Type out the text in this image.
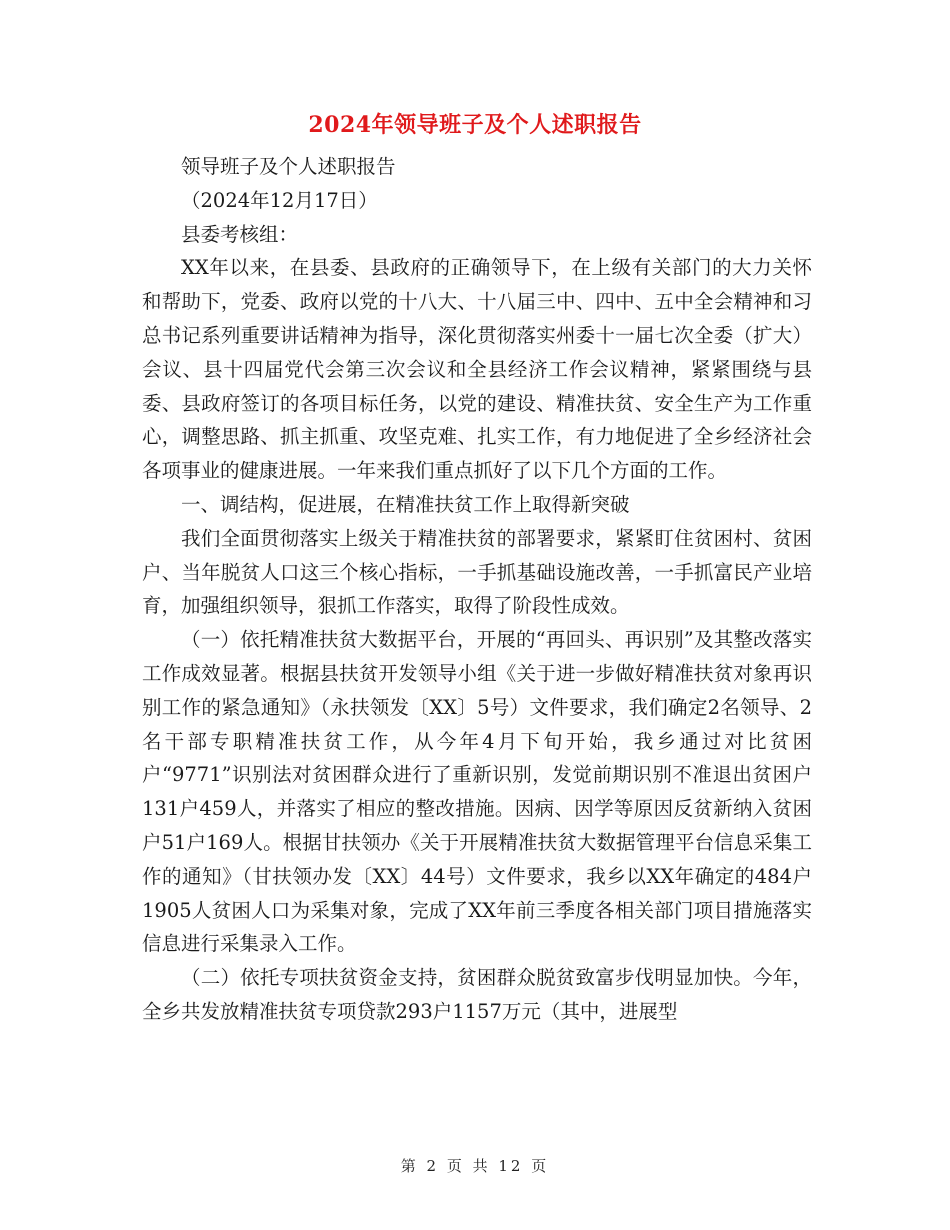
2024年领导班子及个人述职报告

领导班子及个人述职报告

（2024年12月17日）

县委考核组：

XX年以来，在县委、县政府的正确领导下，在上级有关部门的大力关怀和帮助下，党委、政府以党的十八大、十八届三中、四中、五中全会精神和习总书记系列重要讲话精神为指导，深化贯彻落实州委十一届七次全委（扩大）会议、县十四届党代会第三次会议和全县经济工作会议精神，紧紧围绕与县委、县政府签订的各项目标任务，以党的建设、精准扶贫、安全生产为工作重心，调整思路、抓主抓重、攻坚克难、扎实工作，有力地促进了全乡经济社会各项事业的健康进展。一年来我们重点抓好了以下几个方面的工作。

一、调结构，促进展，在精准扶贫工作上取得新突破

我们全面贯彻落实上级关于精准扶贫的部署要求，紧紧盯住贫困村、贫困户、当年脱贫人口这三个核心指标，一手抓基础设施改善，一手抓富民产业培育，加强组织领导，狠抓工作落实，取得了阶段性成效。

（一）依托精准扶贫大数据平台，开展的“再回头、再识别”及其整改落实工作成效显著。根据县扶贫开发领导小组《关于进一步做好精准扶贫对象再识别工作的紧急通知》（永扶领发〔XX〕5号）文件要求，我们确定2名领导、2名干部专职精准扶贫工作，从今年4月下旬开始，我乡通过对比贫困户“9771”识别法对贫困群众进行了重新识别，发觉前期识别不准退出贫困户131户459人，并落实了相应的整改措施。因病、因学等原因反贫新纳入贫困户51户169人。根据甘扶领办《关于开展精准扶贫大数据管理平台信息采集工作的通知》（甘扶领办发〔XX〕44号）文件要求，我乡以XX年确定的484户1905人贫困人口为采集对象，完成了XX年前三季度各相关部门项目措施落实信息进行采集录入工作。

（二）依托专项扶贫资金支持，贫困群众脱贫致富步伐明显加快。今年，全乡共发放精准扶贫专项贷款293户1157万元（其中，进展型

第 2 页 共 12 页
